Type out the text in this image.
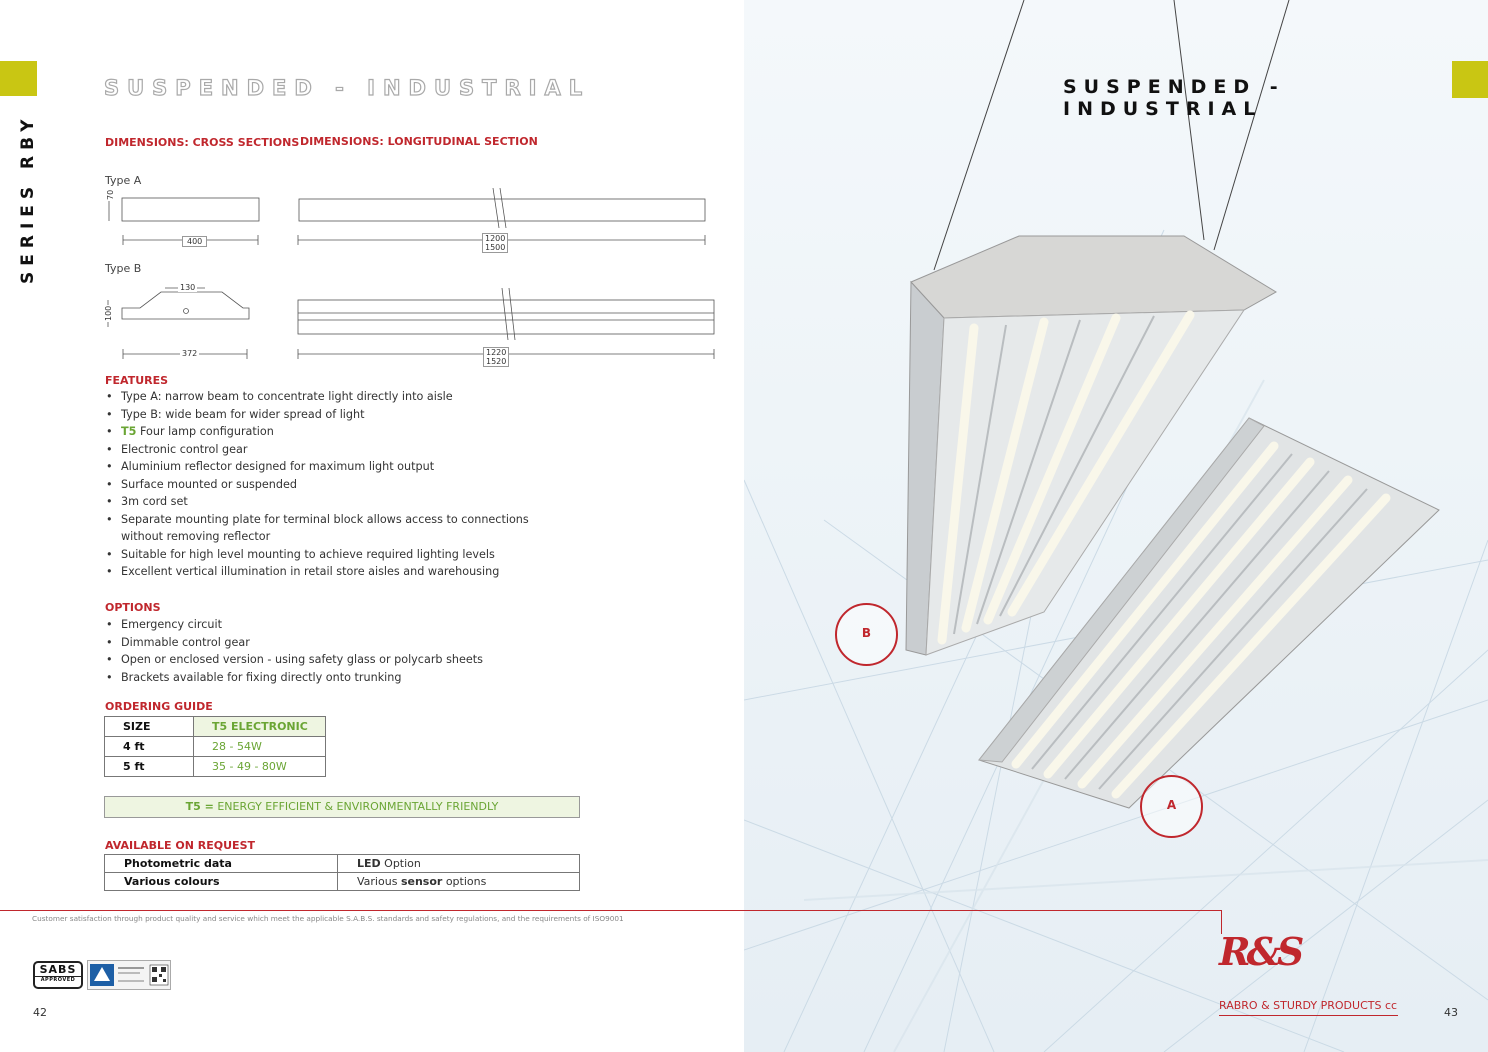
SERIES RBY
SUSPENDED - INDUSTRIAL
DIMENSIONS: CROSS SECTIONS DIMENSIONS: LONGITUDINAL SECTION
Type A
Type B
70
400	1200
1500
100
130
372	1220
1520
FEATURES
• Type A: narrow beam to concentrate light directly into aisle
• Type B: wide beam for wider spread of light
• T5 Four lamp configuration
• Electronic control gear
• Aluminium reflector designed for maximum light output
• Surface mounted or suspended
• 3m cord set
• Separate mounting plate for terminal block allows access to connections
without removing reflector
• Suitable for high level mounting to achieve required lighting levels
• Excellent vertical illumination in retail store aisles and warehousing
OPTIONS
• Emergency circuit
• Dimmable control gear
• Open or enclosed version - using safety glass or polycarb sheets
• Brackets available for fixing directly onto trunking
ORDERING GUIDE
SIZE	T5 ELECTRONIC
4 ft	28 - 54W
5 ft	35 - 49 - 80W
T5 = ENERGY EFFICIENT & ENVIRONMENTALLY FRIENDLY
AVAILABLE ON REQUEST
Photometric data	LED Option
Various colours	Various sensor options
Customer satisfaction through product quality and service which meet the applicable S.A.B.S. standards and safety regulations, and the requirements of ISO9001
SABS
APPROVED
42
SUSPENDED - INDUSTRIAL
B
A
R&S
RABRO & STURDY PRODUCTS cc
43
